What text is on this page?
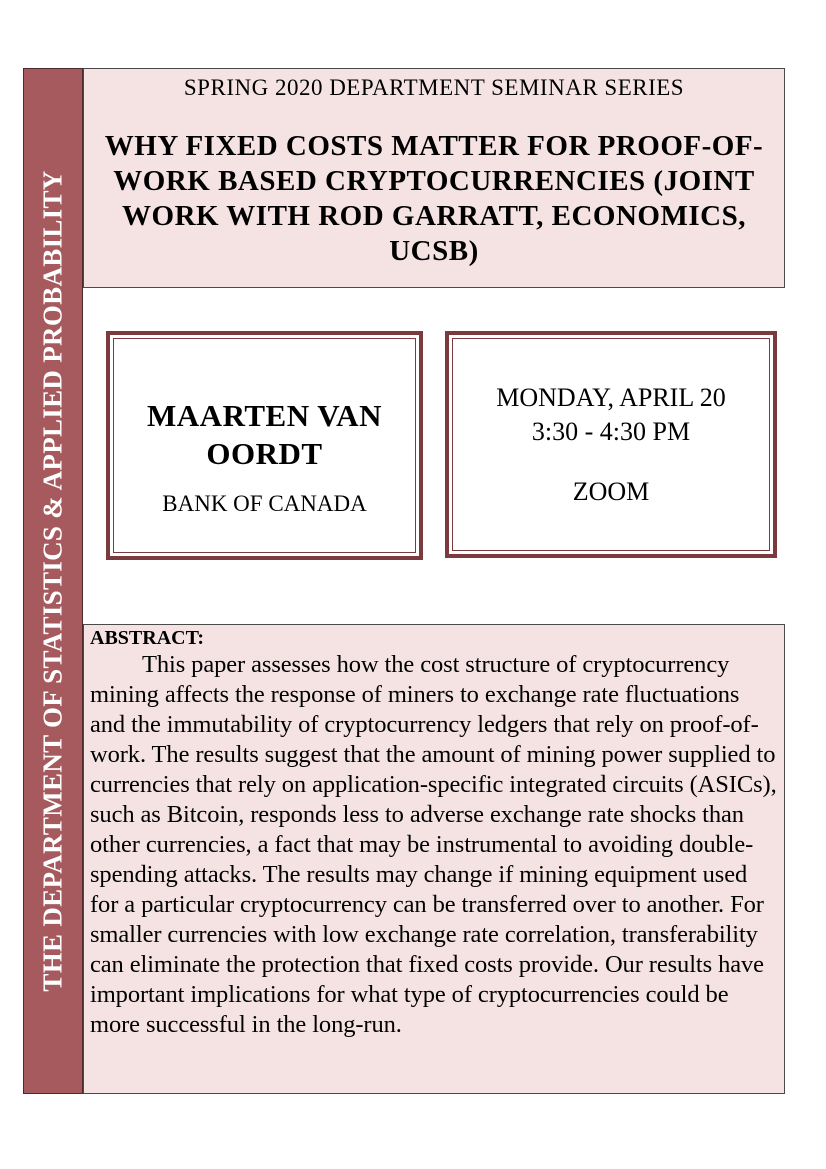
THE DEPARTMENT OF STATISTICS & APPLIED PROBABILITY
SPRING 2020 DEPARTMENT SEMINAR SERIES
WHY FIXED COSTS MATTER FOR PROOF-OF-WORK BASED CRYPTOCURRENCIES (JOINT WORK WITH ROD GARRATT, ECONOMICS, UCSB)
MAARTEN VAN OORDT
BANK OF CANADA
MONDAY, APRIL 20
3:30 - 4:30 PM
ZOOM
ABSTRACT:
This paper assesses how the cost structure of cryptocurrency mining affects the response of miners to exchange rate fluctuations and the immutability of cryptocurrency ledgers that rely on proof-of-work. The results suggest that the amount of mining power supplied to currencies that rely on application-specific integrated circuits (ASICs), such as Bitcoin, responds less to adverse exchange rate shocks than other currencies, a fact that may be instrumental to avoiding double-spending attacks. The results may change if mining equipment used for a particular cryptocurrency can be transferred over to another. For smaller currencies with low exchange rate correlation, transferability can eliminate the protection that fixed costs provide. Our results have important implications for what type of cryptocurrencies could be more successful in the long-run.
